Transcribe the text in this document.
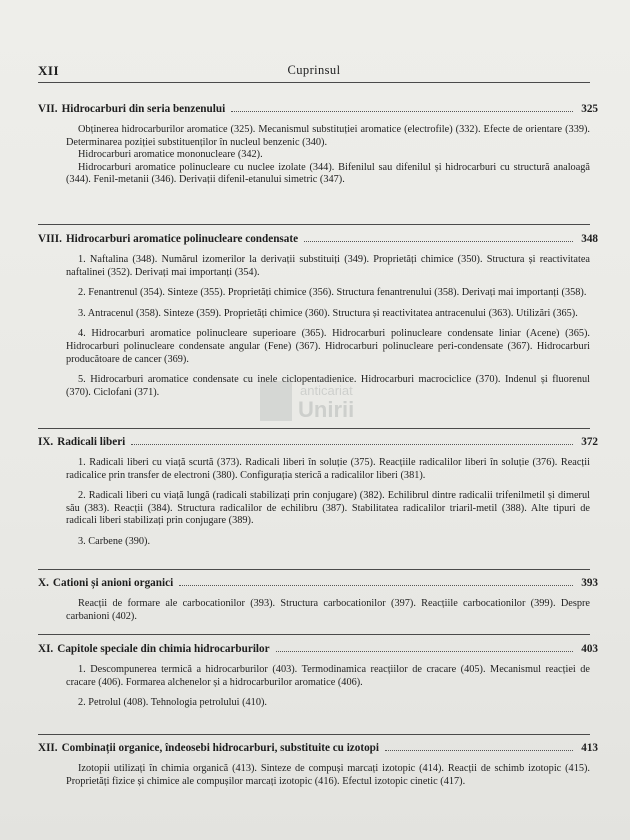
Cuprinsul
XII
VII. Hidrocarburi din seria benzenului	325

Obținerea hidrocarburilor aromatice (325). Mecanismul substituției aromatice (electrofile) (332). Efecte de orientare (339). Determinarea poziției substituenților în nucleul benzenic (340).

Hidrocarburi aromatice mononucleare (342).

Hidrocarburi aromatice polinucleare cu nuclee izolate (344). Bifenilul sau difenilul și hidrocarburi cu structură analoagă (344). Fenil-metanii (346). Derivații difenil-etanului simetric (347).

VIII. Hidrocarburi aromatice polinucleare condensate	348

1. Naftalina (348). Numărul izomerilor la derivații substituiți (349). Proprietăți chimice (350). Structura și reactivitatea naftalinei (352). Derivați mai importanți (354).

2. Fenantrenul (354). Sinteze (355). Proprietăți chimice (356). Structura fenantrenului (358). Derivați mai importanți (358).

3. Antracenul (358). Sinteze (359). Proprietăți chimice (360). Structura și reactivitatea antracenului (363). Utilizări (365).

4. Hidrocarburi aromatice polinucleare superioare (365). Hidrocarburi polinucleare condensate liniar (Acene) (365). Hidrocarburi polinucleare condensate angular (Fene) (367). Hidrocarburi polinucleare peri-condensate (367). Hidrocarburi producătoare de cancer (369).

5. Hidrocarburi aromatice condensate cu inele ciclopentadienice. Hidrocarburi macrociclice (370). Indenul și fluorenul (370). Ciclofani (371).	anticariat
Unirii
IX. Radicali liberi	372

1. Radicali liberi cu viață scurtă (373). Radicali liberi în soluție (375). Reacțiile radicalilor liberi în soluție (376). Reacții radicalice prin transfer de electroni (380). Configurația sterică a radicalilor liberi (381).

2. Radicali liberi cu viață lungă (radicali stabilizați prin conjugare) (382). Echilibrul dintre radicalii trifenilmetil și dimerul său (383). Reacții (384). Structura radicalilor de echilibru (387). Stabilitatea radicalilor triaril-metil (388). Alte tipuri de radicali liberi stabilizați prin conjugare (389).

3. Carbene (390).

X. Cationi și anioni organici	393

Reacții de formare ale carbocationilor (393). Structura carbocationilor (397). Reacțiile carbocationilor (399). Despre carbanioni (402).

XI. Capitole speciale din chimia hidrocarburilor	403

1. Descompunerea termică a hidrocarburilor (403). Termodinamica reacțiilor de cracare (405). Mecanismul reacției de cracare (406). Formarea alchenelor și a hidrocarburilor aromatice (406).

2. Petrolul (408). Tehnologia petrolului (410).

XII. Combinații organice, îndeosebi hidrocarburi, substituite cu izotopi	413

Izotopii utilizați în chimia organică (413). Sinteze de compuși marcați izotopic (414). Reacții de schimb izotopic (415). Proprietăți fizice și chimice ale compușilor marcați izotopic (416). Efectul izotopic cinetic (417).
